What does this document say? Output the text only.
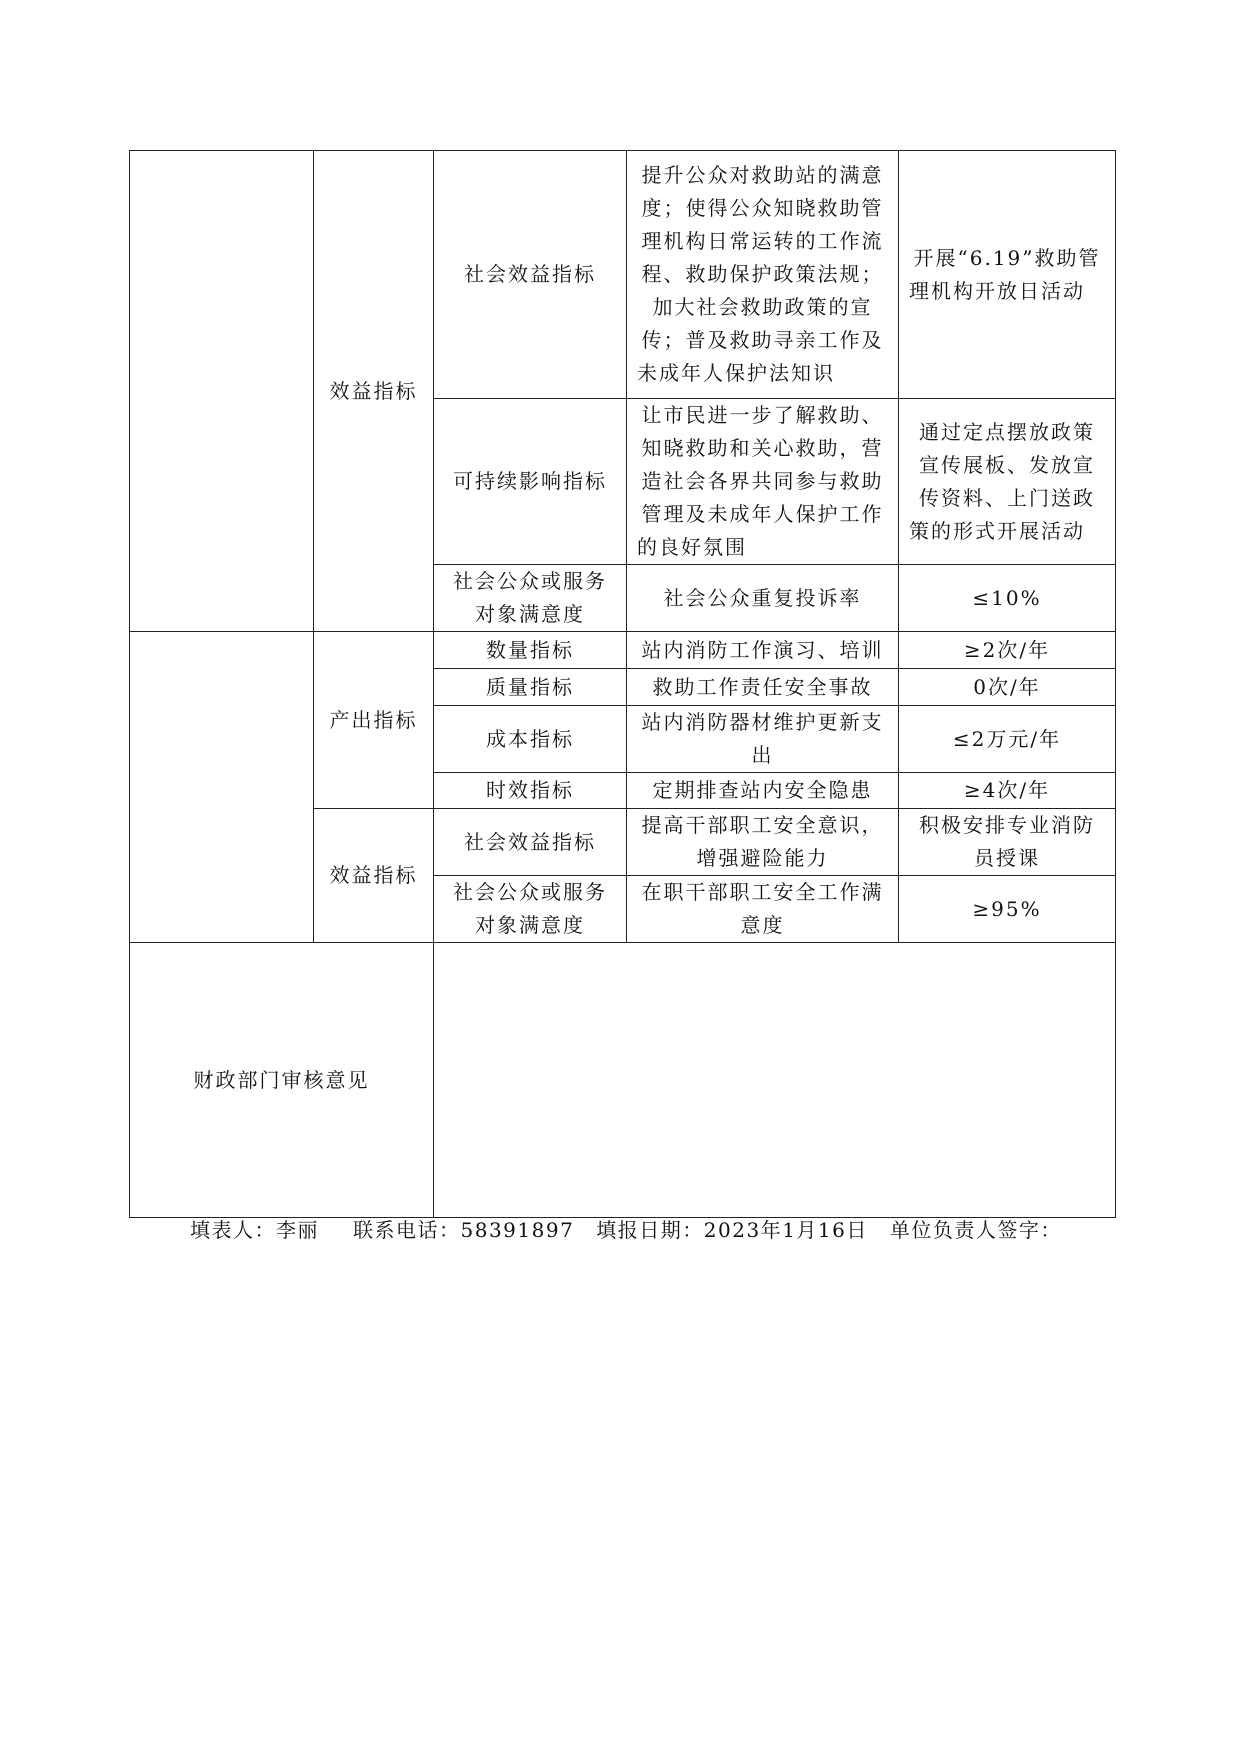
	效益指标	社会效益指标	提升公众对救助站的满意度；使得公众知晓救助管理机构日常运转的工作流程、救助保护政策法规；加大社会救助政策的宣传；普及救助寻亲工作及未成年人保护法知识	开展“6.19”救助管理机构开放日活动
		可持续影响指标	让市民进一步了解救助、知晓救助和关心救助，营造社会各界共同参与救助管理及未成年人保护工作的良好氛围	通过定点摆放政策宣传展板、发放宣传资料、上门送政策的形式开展活动
		社会公众或服务对象满意度	社会公众重复投诉率	≤10%
	产出指标	数量指标	站内消防工作演习、培训	≥2次/年
		质量指标	救助工作责任安全事故	0次/年
		成本指标	站内消防器材维护更新支出	≤2万元/年
		时效指标	定期排查站内安全隐患	≥4次/年
	效益指标	社会效益指标	提高干部职工安全意识，增强避险能力	积极安排专业消防员授课
		社会公众或服务对象满意度	在职干部职工安全工作满意度	≥95%
财政部门审核意见				
填表人：李丽 联系电话：58391897 填报日期：2023年1月16日 单位负责人签字：
